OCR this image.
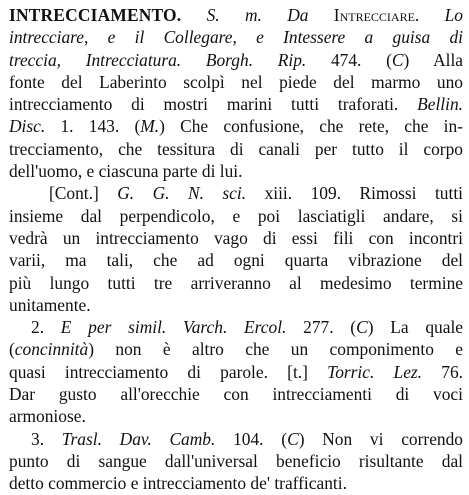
INTRECCIAMENTO. S. m. Da Intrecciare. Lo
intrecciare, e il Collegare, e Intessere a guisa di
treccia, Intrecciatura. Borgh. Rip. 474. (C) Alla
fonte del Laberinto scolpì nel piede del marmo uno
intrecciamento di mostri marini tutti traforati. Bellin.
Disc. 1. 143. (M.) Che confusione, che rete, che in-
trecciamento, che tessitura di canali per tutto il corpo
dell'uomo, e ciascuna parte di lui.
[Cont.] G. G. N. sci. xiii. 109. Rimossi tutti
insieme dal perpendicolo, e poi lasciatigli andare, si
vedrà un intrecciamento vago di essi fili con incontri
varii, ma tali, che ad ogni quarta vibrazione del
più lungo tutti tre arriveranno al medesimo termine
unitamente.
2. E per simil. Varch. Ercol. 277. (C) La quale
(concinnità) non è altro che un componimento e
quasi intrecciamento di parole. [t.] Torric. Lez. 76.
Dar gusto all'orecchie con intrecciamenti di voci
armoniose.
3. Trasl. Dav. Camb. 104. (C) Non vi correndo
punto di sangue dall'universal beneficio risultante dal
detto commercio e intrecciamento de' trafficanti.
